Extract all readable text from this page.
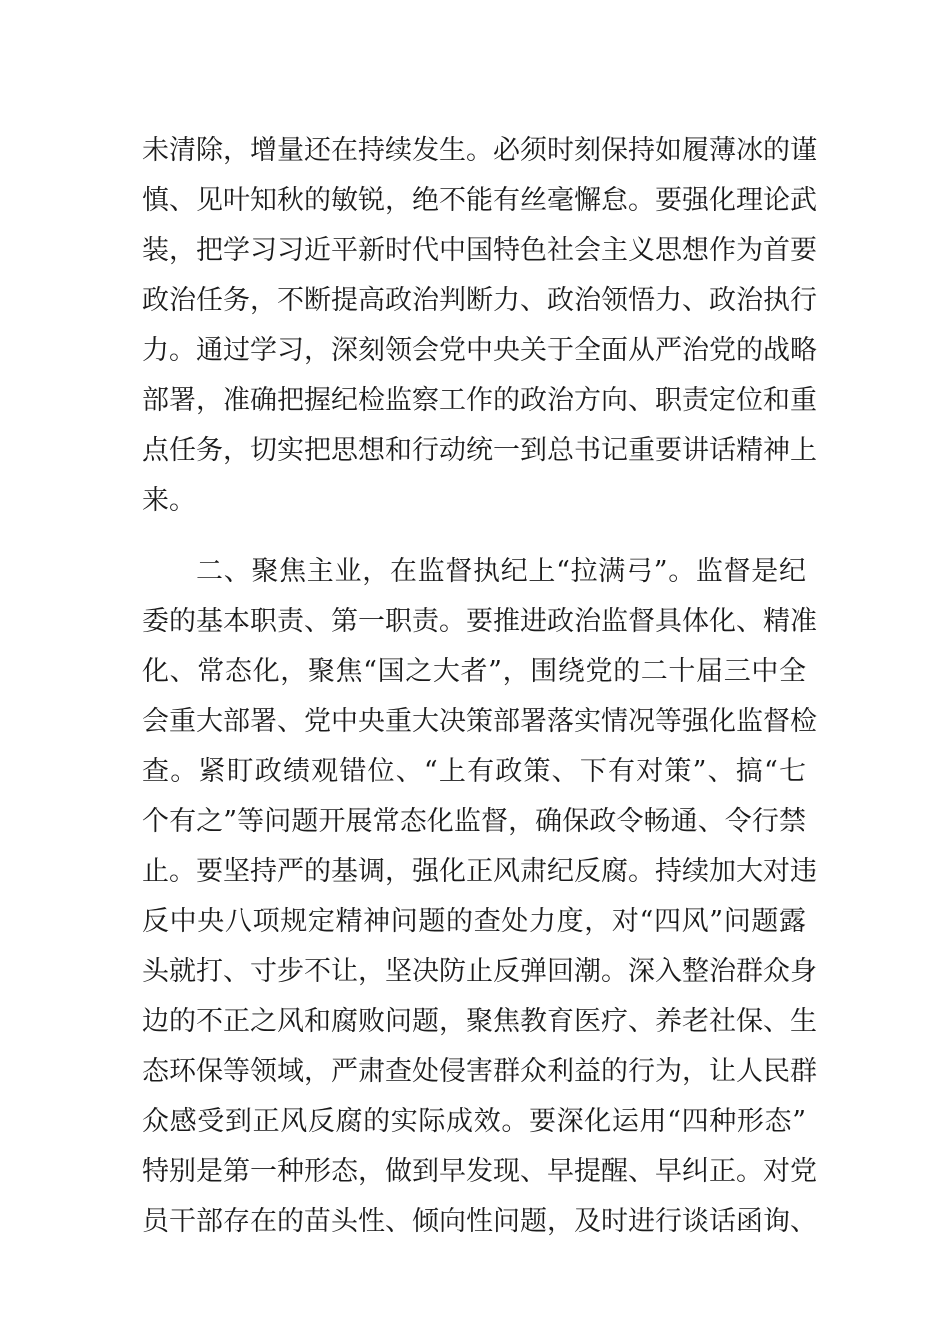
未清除，增量还在持续发生。必须时刻保持如履薄冰的谨
慎、见叶知秋的敏锐，绝不能有丝毫懈怠。要强化理论武
装，把学习习近平新时代中国特色社会主义思想作为首要
政治任务，不断提高政治判断力、政治领悟力、政治执行
力。通过学习，深刻领会党中央关于全面从严治党的战略
部署，准确把握纪检监察工作的政治方向、职责定位和重
点任务，切实把思想和行动统一到总书记重要讲话精神上
来。
二、聚焦主业，在监督执纪上“拉满弓”。监督是纪
委的基本职责、第一职责。要推进政治监督具体化、精准
化、常态化，聚焦“国之大者”，围绕党的二十届三中全
会重大部署、党中央重大决策部署落实情况等强化监督检
查。紧盯政绩观错位、“上有政策、下有对策”、搞“七
个有之”等问题开展常态化监督，确保政令畅通、令行禁
止。要坚持严的基调，强化正风肃纪反腐。持续加大对违
反中央八项规定精神问题的查处力度，对“四风”问题露
头就打、寸步不让，坚决防止反弹回潮。深入整治群众身
边的不正之风和腐败问题，聚焦教育医疗、养老社保、生
态环保等领域，严肃查处侵害群众利益的行为，让人民群
众感受到正风反腐的实际成效。要深化运用“四种形态”
特别是第一种形态，做到早发现、早提醒、早纠正。对党
员干部存在的苗头性、倾向性问题，及时进行谈话函询、
